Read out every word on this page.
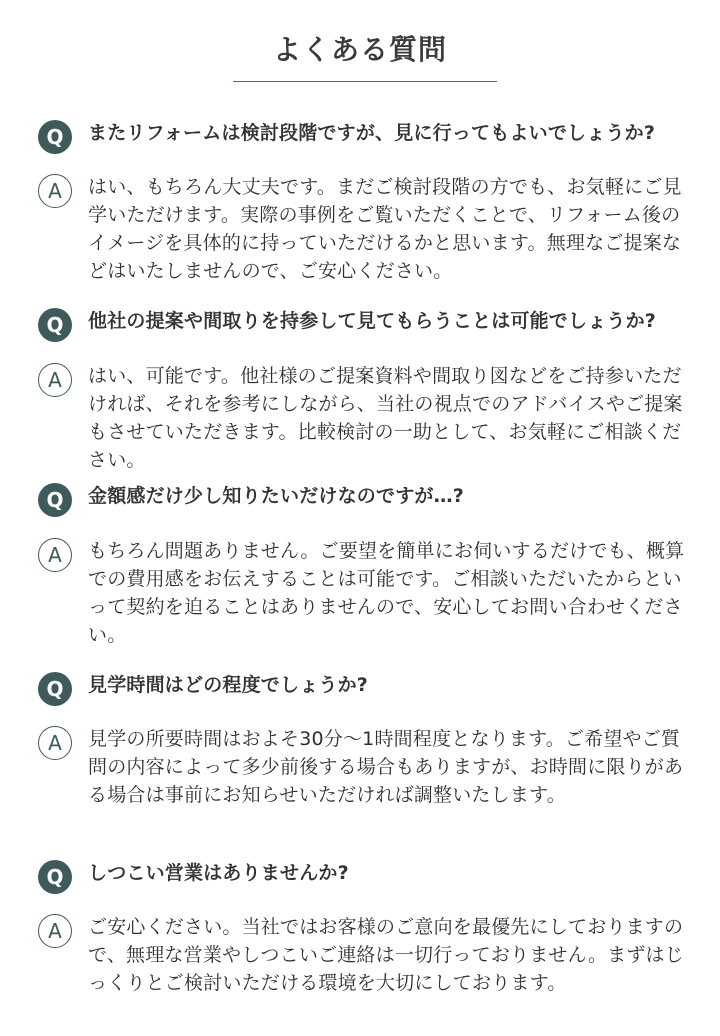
よくある質問
Q	またリフォームは検討段階ですが、見に行ってもよいでしょうか?
A	はい、もちろん大丈夫です。まだご検討段階の方でも、お気軽にご見学いただけます。実際の事例をご覧いただくことで、リフォーム後のイメージを具体的に持っていただけるかと思います。無理なご提案などはいたしませんので、ご安心ください。
Q	他社の提案や間取りを持参して見てもらうことは可能でしょうか?
A	はい、可能です。他社様のご提案資料や間取り図などをご持参いただければ、それを参考にしながら、当社の視点でのアドバイスやご提案もさせていただきます。比較検討の一助として、お気軽にご相談ください。
Q	金額感だけ少し知りたいだけなのですが…?
A	もちろん問題ありません。ご要望を簡単にお伺いするだけでも、概算での費用感をお伝えすることは可能です。ご相談いただいたからといって契約を迫ることはありませんので、安心してお問い合わせください。
Q	見学時間はどの程度でしょうか?
A	見学の所要時間はおよそ30分〜1時間程度となります。ご希望やご質問の内容によって多少前後する場合もありますが、お時間に限りがある場合は事前にお知らせいただければ調整いたします。
Q	しつこい営業はありませんか?
A	ご安心ください。当社ではお客様のご意向を最優先にしておりますので、無理な営業やしつこいご連絡は一切行っておりません。まずはじっくりとご検討いただける環境を大切にしております。
